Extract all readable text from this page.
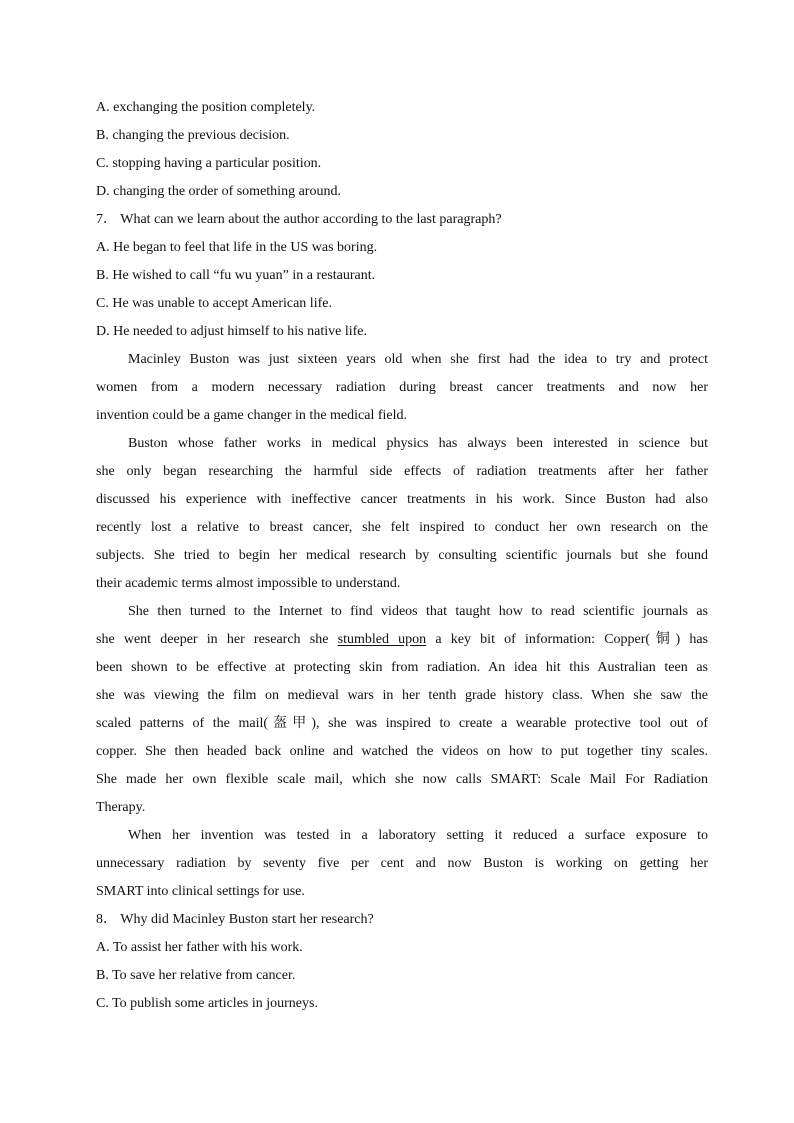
A. exchanging the position completely.

B. changing the previous decision.

C. stopping having a particular position.

D. changing the order of something around.

7． What can we learn about the author according to the last paragraph?

A. He began to feel that life in the US was boring.

B. He wished to call “fu wu yuan” in a restaurant.

C. He was unable to accept American life.

D. He needed to adjust himself to his native life.

Macinley Buston was just sixteen years old when she first had the idea to try and protect

women from a modern necessary radiation during breast cancer treatments and now her

invention could be a game changer in the medical field.

Buston whose father works in medical physics has always been interested in science but

she only began researching the harmful side effects of radiation treatments after her father

discussed his experience with ineffective cancer treatments in his work. Since Buston had also

recently lost a relative to breast cancer, she felt inspired to conduct her own research on the

subjects. She tried to begin her medical research by consulting scientific journals but she found

their academic terms almost impossible to understand.

She then turned to the Internet to find videos that taught how to read scientific journals as

she went deeper in her research she stumbled upon a key bit of information: Copper(铜) has

been shown to be effective at protecting skin from radiation. An idea hit this Australian teen as

she was viewing the film on medieval wars in her tenth grade history class. When she saw the

scaled patterns of the mail(盔甲), she was inspired to create a wearable protective tool out of

copper. She then headed back online and watched the videos on how to put together tiny scales.

She made her own flexible scale mail, which she now calls SMART: Scale Mail For Radiation

Therapy.

When her invention was tested in a laboratory setting it reduced a surface exposure to

unnecessary radiation by seventy five per cent and now Buston is working on getting her

SMART into clinical settings for use.

8． Why did Macinley Buston start her research?

A. To assist her father with his work.

B. To save her relative from cancer.

C. To publish some articles in journeys.
